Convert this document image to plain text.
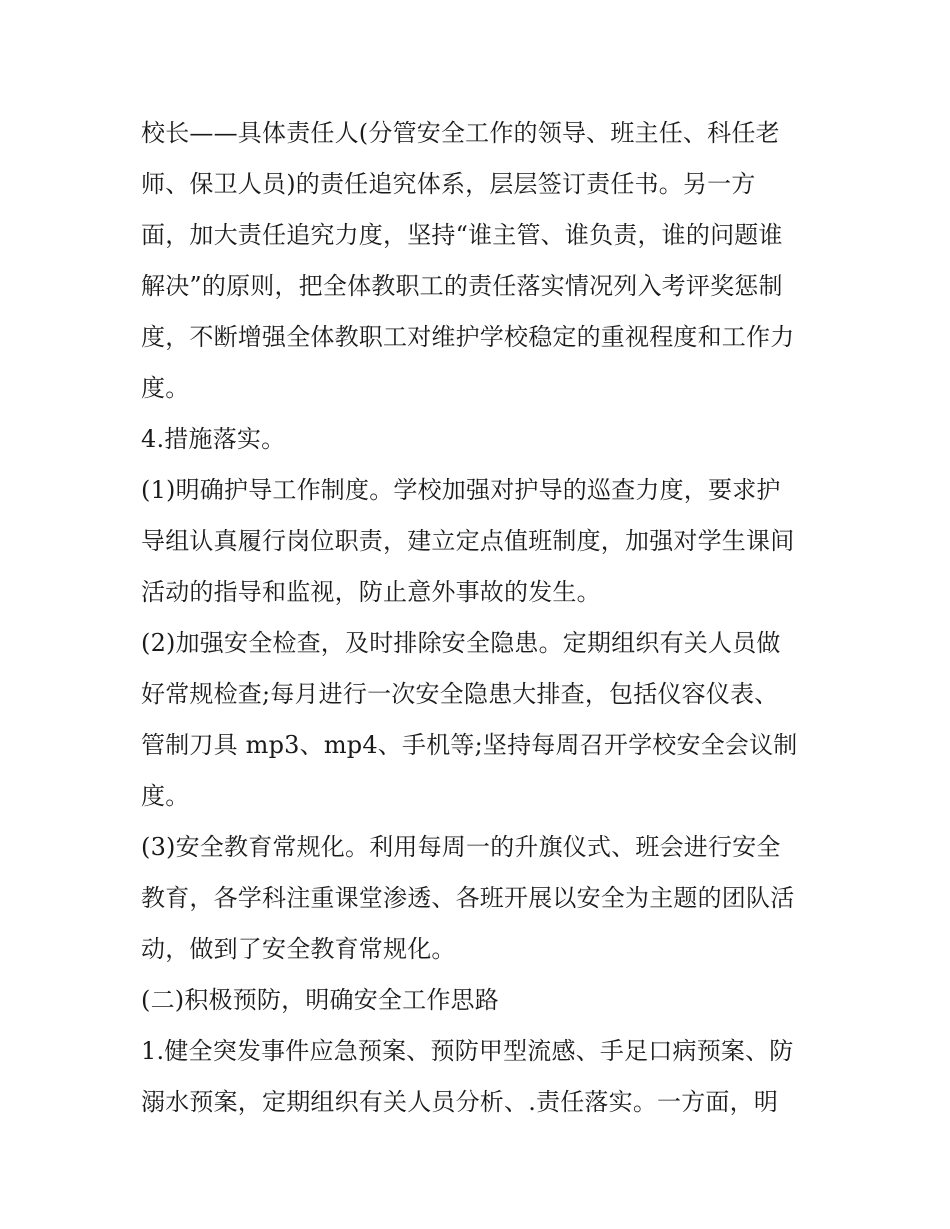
校长——具体责任人(分管安全工作的领导、班主任、科任老
师、保卫人员)的责任追究体系，层层签订责任书。另一方
面，加大责任追究力度，坚持“谁主管、谁负责，谁的问题谁
解决”的原则，把全体教职工的责任落实情况列入考评奖惩制
度，不断增强全体教职工对维护学校稳定的重视程度和工作力
度。
4.措施落实。
(1)明确护导工作制度。学校加强对护导的巡查力度，要求护
导组认真履行岗位职责，建立定点值班制度，加强对学生课间
活动的指导和监视，防止意外事故的发生。
(2)加强安全检查，及时排除安全隐患。定期组织有关人员做
好常规检查;每月进行一次安全隐患大排查，包括仪容仪表、
管制刀具 mp3、mp4、手机等;坚持每周召开学校安全会议制
度。
(3)安全教育常规化。利用每周一的升旗仪式、班会进行安全
教育，各学科注重课堂渗透、各班开展以安全为主题的团队活
动，做到了安全教育常规化。
(二)积极预防，明确安全工作思路
1.健全突发事件应急预案、预防甲型流感、手足口病预案、防
溺水预案，定期组织有关人员分析、.责任落实。一方面，明
